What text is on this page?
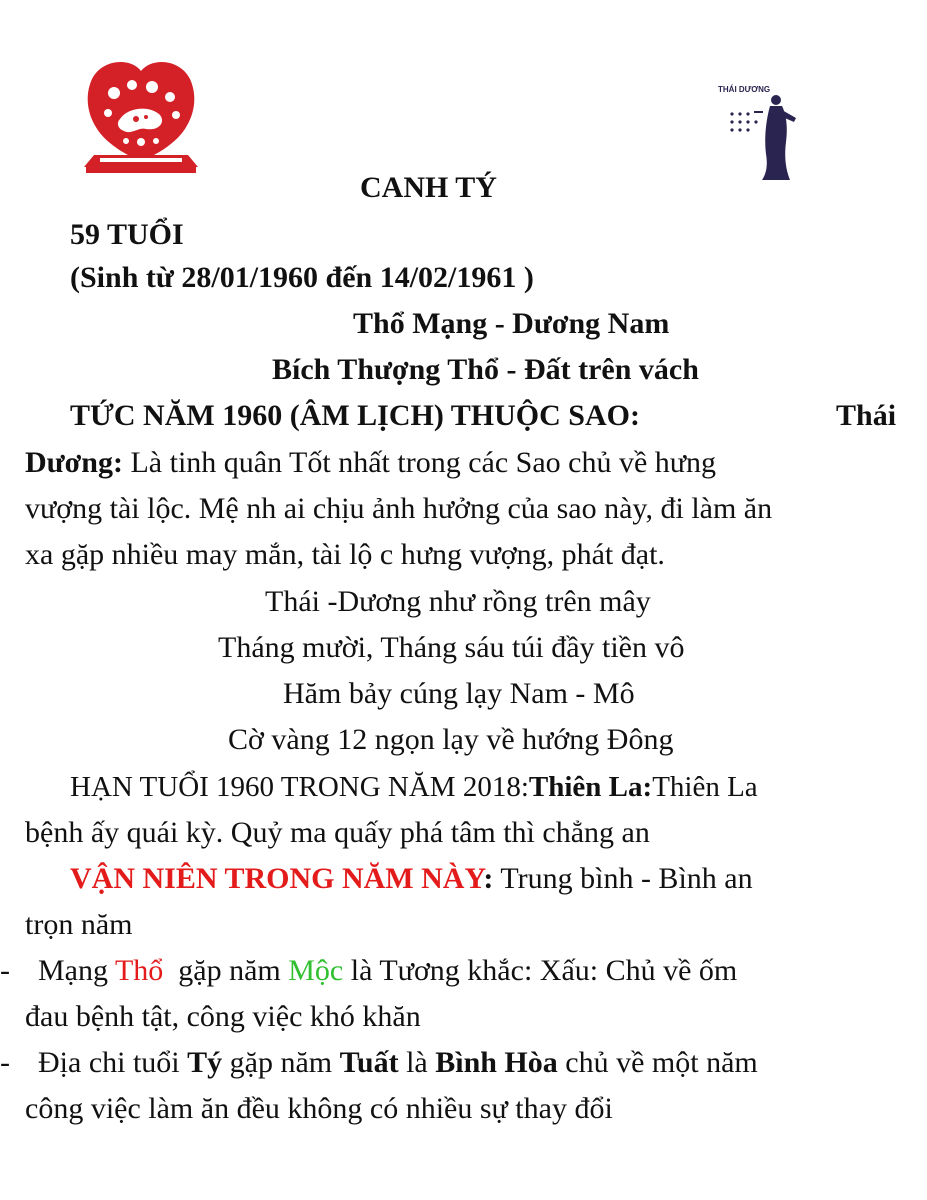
THÁI DƯƠNG
CANH TÝ
59 TUỔI
(Sinh từ 28/01/1960 đến 14/02/1961 )
Thổ Mạng - Dương Nam
Bích Thượng Thổ - Đất trên vách
TỨC NĂM 1960 (ÂM LỊCH) THUỘC SAO:	Thái
Dương: Là tinh quân Tốt nhất trong các Sao chủ về hưng
vượng tài lộc. Mệ nh ai chịu ảnh hưởng của sao này, đi làm ăn
xa gặp nhiều may mắn, tài lộ c hưng vượng, phát đạt.
Thái -Dương như rồng trên mây
Tháng mười, Tháng sáu túi đầy tiền vô
Hăm bảy cúng lạy Nam - Mô
Cờ vàng 12 ngọn lạy về hướng Đông
HẠN TUỔI 1960 TRONG NĂM 2018:Thiên La:Thiên La
bệnh ấy quái kỳ. Quỷ ma quấy phá tâm thì chẳng an
VẬN NIÊN TRONG NĂM NÀY: Trung bình - Bình an
trọn năm
- Mạng Thổ  gặp năm Mộc là Tương khắc: Xấu: Chủ về ốm
đau bệnh tật, công việc khó khăn
- Địa chi tuổi Tý gặp năm Tuất là Bình Hòa chủ về một năm
công việc làm ăn đều không có nhiều sự thay đổi
